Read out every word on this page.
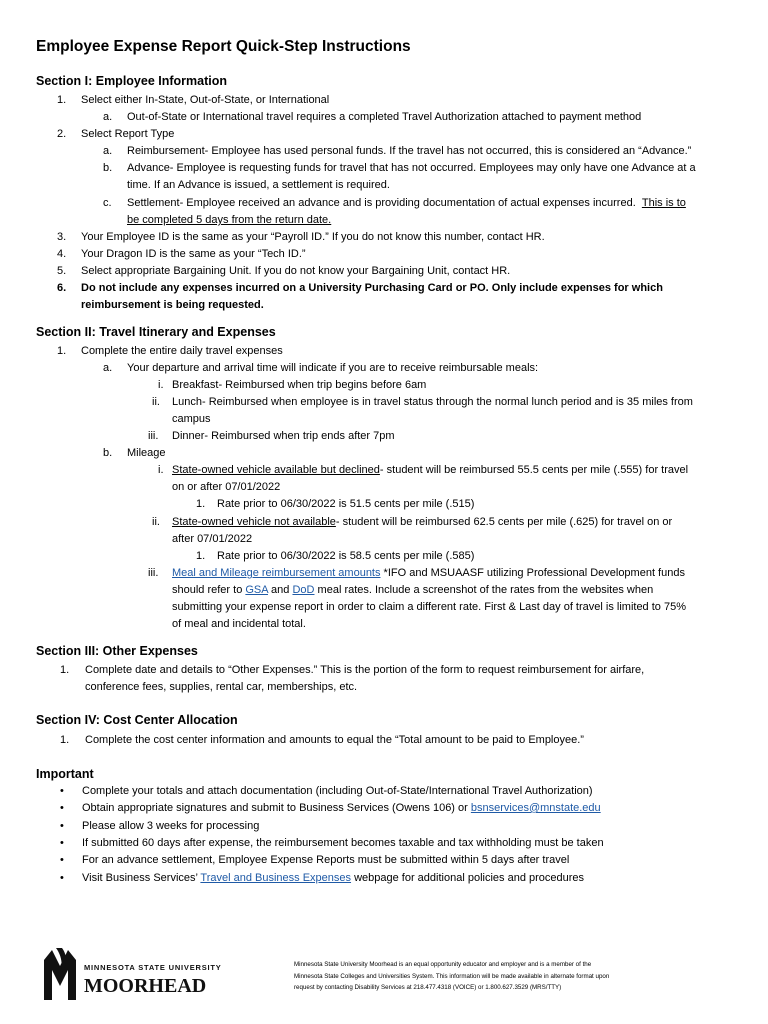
Employee Expense Report Quick-Step Instructions
Section I: Employee Information
1. Select either In-State, Out-of-State, or International
a. Out-of-State or International travel requires a completed Travel Authorization attached to payment method
2. Select Report Type
a. Reimbursement- Employee has used personal funds. If the travel has not occurred, this is considered an “Advance.”
b. Advance- Employee is requesting funds for travel that has not occurred. Employees may only have one Advance at a
time. If an Advance is issued, a settlement is required.
c. Settlement- Employee received an advance and is providing documentation of actual expenses incurred. This is to
be completed 5 days from the return date.
3. Your Employee ID is the same as your “Payroll ID.” If you do not know this number, contact HR.
4. Your Dragon ID is the same as your “Tech ID.”
5. Select appropriate Bargaining Unit. If you do not know your Bargaining Unit, contact HR.
6. Do not include any expenses incurred on a University Purchasing Card or PO. Only include expenses for which
reimbursement is being requested.
Section II: Travel Itinerary and Expenses
1. Complete the entire daily travel expenses
a. Your departure and arrival time will indicate if you are to receive reimbursable meals:
i. Breakfast- Reimbursed when trip begins before 6am
ii. Lunch- Reimbursed when employee is in travel status through the normal lunch period and is 35 miles from
campus
iii. Dinner- Reimbursed when trip ends after 7pm
b. Mileage
i. State-owned vehicle available but declined- student will be reimbursed 55.5 cents per mile (.555) for travel
on or after 07/01/2022
1. Rate prior to 06/30/2022 is 51.5 cents per mile (.515)
ii. State-owned vehicle not available- student will be reimbursed 62.5 cents per mile (.625) for travel on or
after 07/01/2022
1. Rate prior to 06/30/2022 is 58.5 cents per mile (.585)
iii. Meal and Mileage reimbursement amounts *IFO and MSUAASF utilizing Professional Development funds
should refer to GSA and DoD meal rates. Include a screenshot of the rates from the websites when
submitting your expense report in order to claim a different rate. First & Last day of travel is limited to 75%
of meal and incidental total.
Section III: Other Expenses
1. Complete date and details to “Other Expenses.” This is the portion of the form to request reimbursement for airfare,
conference fees, supplies, rental car, memberships, etc.
Section IV: Cost Center Allocation
1. Complete the cost center information and amounts to equal the “Total amount to be paid to Employee.”
Important
• Complete your totals and attach documentation (including Out-of-State/International Travel Authorization)
• Obtain appropriate signatures and submit to Business Services (Owens 106) or bsnservices@mnstate.edu
• Please allow 3 weeks for processing
• If submitted 60 days after expense, the reimbursement becomes taxable and tax withholding must be taken
• For an advance settlement, Employee Expense Reports must be submitted within 5 days after travel
• Visit Business Services’ Travel and Business Expenses webpage for additional policies and procedures
MINNESOTA STATE UNIVERSITY
MOORHEAD
Minnesota State University Moorhead is an equal opportunity educator and employer and is a member of the
Minnesota State Colleges and Universities System. This information will be made available in alternate format upon
request by contacting Disability Services at 218.477.4318 (VOICE) or 1.800.627.3529 (MRS/TTY)
